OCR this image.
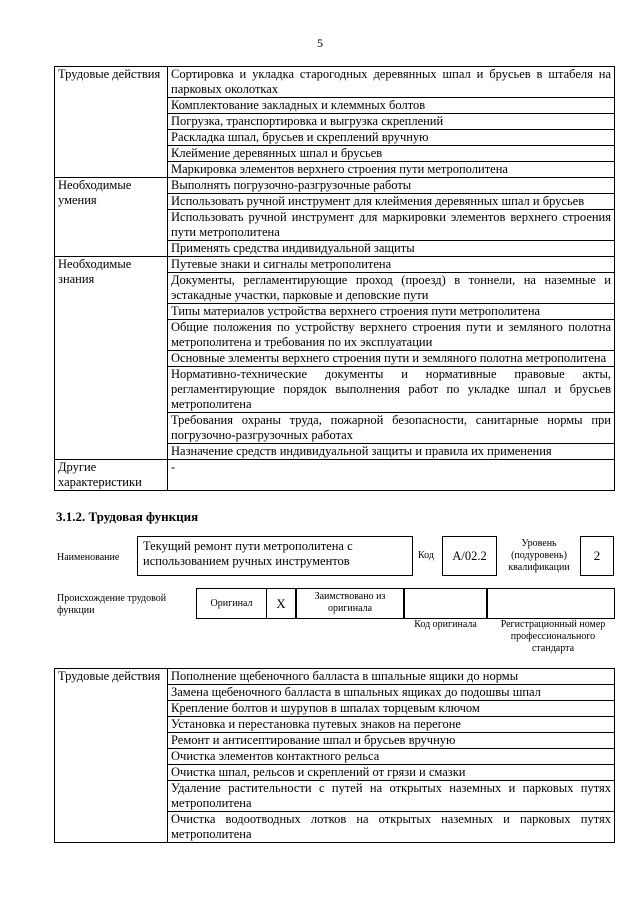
5
Трудовые действия	Сортировка и укладка старогодных деревянных шпал и брусьев в штабеля на парковых околотках
	Комплектование закладных и клеммных болтов
	Погрузка, транспортировка и выгрузка скреплений
	Раскладка шпал, брусьев и скреплений вручную
	Клеймение деревянных шпал и брусьев
	Маркировка элементов верхнего строения пути метрополитена
Необходимые умения	Выполнять погрузочно-разгрузочные работы
	Использовать ручной инструмент для клеймения деревянных шпал и брусьев
	Использовать ручной инструмент для маркировки элементов верхнего строения пути метрополитена
	Применять средства индивидуальной защиты
Необходимые знания	Путевые знаки и сигналы метрополитена
	Документы, регламентирующие проход (проезд) в тоннели, на наземные и эстакадные участки, парковые и деповские пути
	Типы материалов устройства верхнего строения пути метрополитена
	Общие положения по устройству верхнего строения пути и земляного полотна метрополитена и требования по их эксплуатации
	Основные элементы верхнего строения пути и земляного полотна метрополитена
	Нормативно-технические документы и нормативные правовые акты, регламентирующие порядок выполнения работ по укладке шпал и брусьев метрополитена
	Требования охраны труда, пожарной безопасности, санитарные нормы при погрузочно-разгрузочных работах
	Назначение средств индивидуальной защиты и правила их применения
Другие характеристики	-
3.1.2. Трудовая функция
Наименование
Текущий ремонт пути метрополитена с использованием ручных инструментов	Код	A/02.2
Уровень (подуровень) квалификации
2
Происхождение трудовой функции
Оригинал	X	Заимствовано из оригинала
Код оригинала	Регистрационный номер профессионального стандарта
Трудовые действия	Пополнение щебеночного балласта в шпальные ящики до нормы
Замена щебеночного балласта в шпальных ящиках до подошвы шпал
Крепление болтов и шурупов в шпалах торцевым ключом
Установка и перестановка путевых знаков на перегоне
Ремонт и антисептирование шпал и брусьев вручную
Очистка элементов контактного рельса
Очистка шпал, рельсов и скреплений от грязи и смазки
Удаление растительности с путей на открытых наземных и парковых путях метрополитена
Очистка водоотводных лотков на открытых наземных и парковых путях метрополитена
